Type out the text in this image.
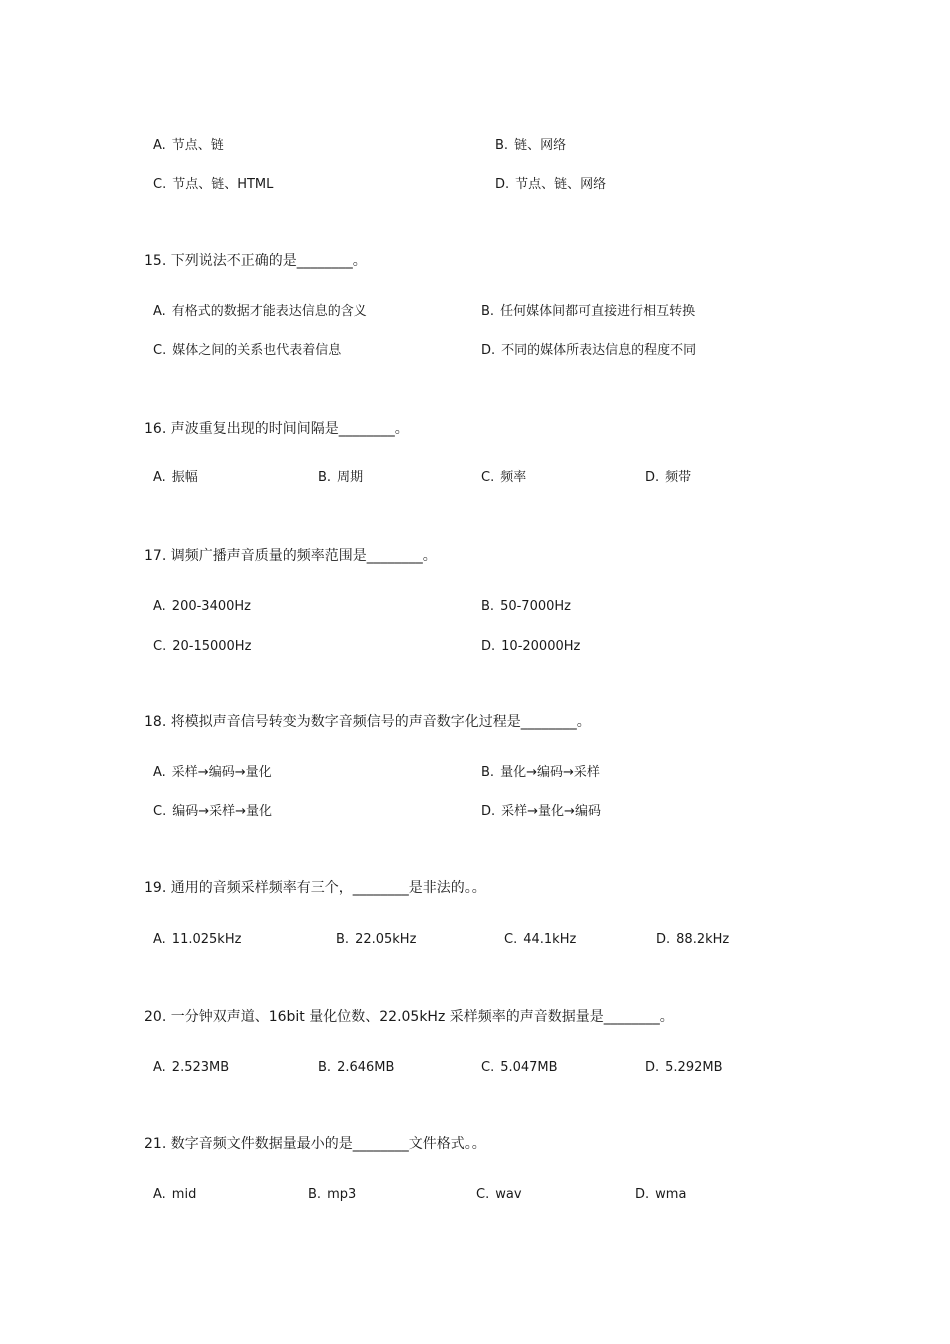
A. 节点、链	B. 链、网络
C. 节点、链、HTML	D. 节点、链、网络
15. 下列说法不正确的是________。
A. 有格式的数据才能表达信息的含义	B. 任何媒体间都可直接进行相互转换
C. 媒体之间的关系也代表着信息	D. 不同的媒体所表达信息的程度不同
16. 声波重复出现的时间间隔是________。
A. 振幅	B. 周期	C. 频率	D. 频带
17. 调频广播声音质量的频率范围是________。
A. 200-3400Hz	B. 50-7000Hz
C. 20-15000Hz	D. 10-20000Hz
18. 将模拟声音信号转变为数字音频信号的声音数字化过程是________。
A. 采样→编码→量化	B. 量化→编码→采样
C. 编码→采样→量化	D. 采样→量化→编码
19. 通用的音频采样频率有三个，________是非法的。。
A. 11.025kHz	B. 22.05kHz	C. 44.1kHz	D. 88.2kHz
20. 一分钟双声道、16bit 量化位数、22.05kHz 采样频率的声音数据量是________。
A. 2.523MB	B. 2.646MB	C. 5.047MB	D. 5.292MB
21. 数字音频文件数据量最小的是________文件格式。。
A. mid	B. mp3	C. wav	D. wma
